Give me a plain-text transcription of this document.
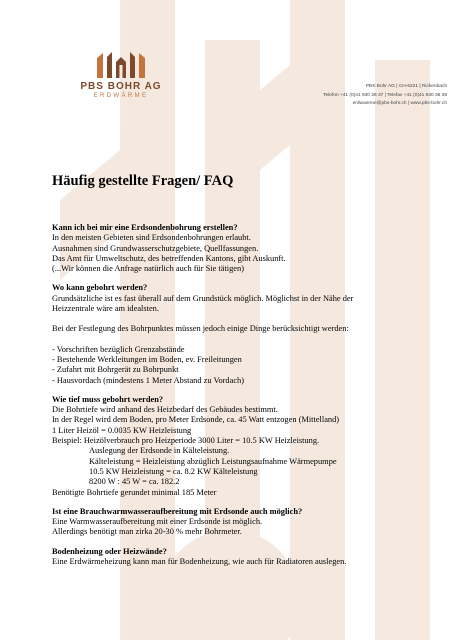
PBS BOHR AG
ERDWÄRME
PBS Bohr AG | CH-6221 | Rickenbach
Telefon +41 (0)41 930 36 37 | Telefax +41 (0)41 930 36 38
erdwaerme@pbs-bohr.ch | www.pbs-bohr.ch
Häufig gestellte Fragen/ FAQ
Kann ich bei mir eine Erdsondenbohrung erstellen?
In den meisten Gebieten sind Erdsondenbohrungen erlaubt.
Ausnahmen sind Grundwasserschutzgebiete, Quellfassungen.
Das Amt für Umweltschutz, des betreffenden Kantons, gibt Auskunft.
(...Wir können die Anfrage natürlich auch für Sie tätigen)
Wo kann gebohrt werden?
Grundsätzliche ist es fast überall auf dem Grundstück möglich. Möglichst in der Nähe der
Heizzentrale wäre am idealsten.
Bei der Festlegung des Bohrpunktes müssen jedoch einige Dinge berücksichtigt werden:
- Vorschriften bezüglich Grenzabstände
- Bestehende Werkleitungen im Boden, ev. Freileitungen
- Zufahrt mit Bohrgerät zu Bohrpunkt
- Hausvordach (mindestens 1 Meter Abstand zu Vordach)
Wie tief muss gebohrt werden?
Die Bohrtiefe wird anhand des Heizbedarf des Gebäudes bestimmt.
In der Regel wird dem Boden, pro Meter Erdsonde, ca. 45 Watt entzogen (Mittelland)
1 Liter Heizöl = 0.0035 KW Heizleistung
Beispiel: Heizölverbrauch pro Heizperiode 3000 Liter = 10.5 KW Heizleistung.
Auslegung der Erdsonde in Kälteleistung.
Kälteleistung = Heizleistung abzüglich Leistungsaufnahme Wärmepumpe
10.5 KW Heizleistung = ca. 8.2 KW Kälteleistung
8200 W : 45 W = ca. 182.2
Benötigte Bohrtiefe gerundet minimal 185 Meter
Ist eine Brauchwarmwasseraufbereitung mit Erdsonde auch möglich?
Eine Warmwasseraufbereitung mit einer Erdsonde ist möglich.
Allerdings benötigt man zirka 20-30 % mehr Bohrmeter.
Bodenheizung oder Heizwände?
Eine Erdwärmeheizung kann man für Bodenheizung, wie auch für Radiatoren auslegen.
